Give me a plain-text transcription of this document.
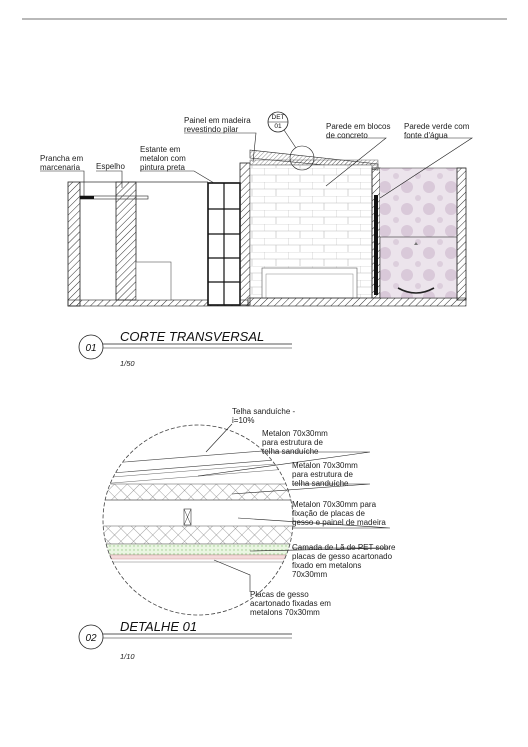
DET
01
Prancha em
marcenaria Espelho
Estante em
metalon com
pintura preta
Painel em madeira
revestindo pilar	Parede em blocos
de concreto
Parede verde com
fonte d'água
01
CORTE TRANSVERSAL
1/50
Telha sanduíche -
i=10%
Metalon 70x30mm
para estrutura de
telha sanduíche
Metalon 70x30mm
para estrutura de
telha sanduíche
Metalon 70x30mm para
fixação de placas de
gesso e painel de madeira
Camada de Lã de PET sobre
placas de gesso acartonado
fixado em metalons
70x30mm
Placas de gesso
acartonado fixadas em
metalons 70x30mm
02
DETALHE 01
1/10
